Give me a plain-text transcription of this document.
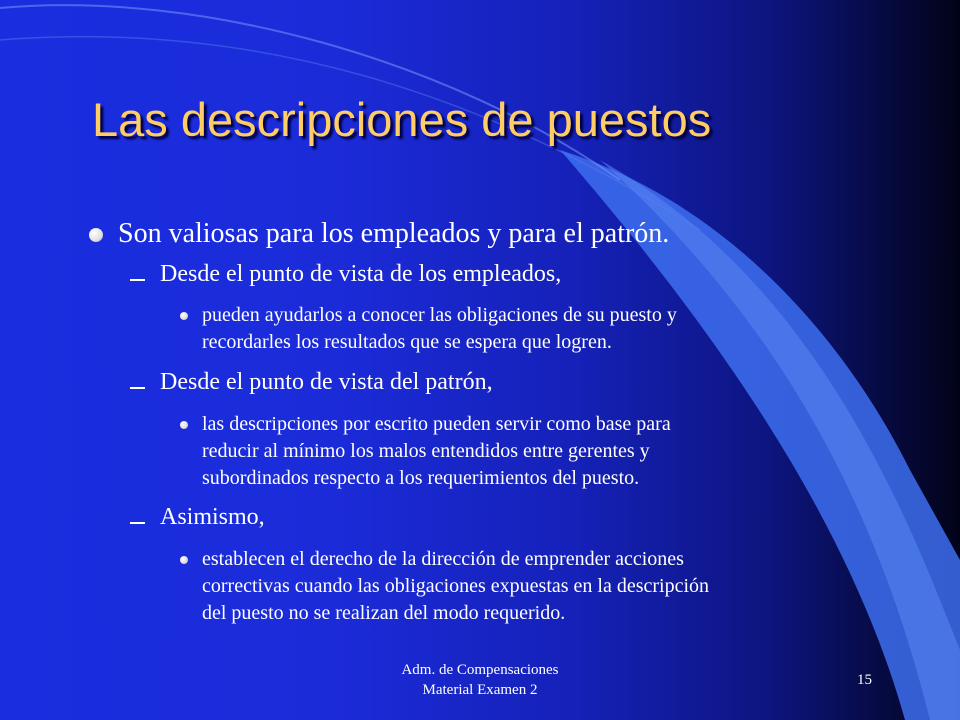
Las descripciones de puestos
Son valiosas para los empleados y para el patrón.
Desde el punto de vista de los empleados,
pueden ayudarlos a conocer las obligaciones de su puesto y
recordarles los resultados que se espera que logren.
Desde el punto de vista del patrón,
las descripciones por escrito pueden servir como base para
reducir al mínimo los malos entendidos entre gerentes y
subordinados respecto a los requerimientos del puesto.
Asimismo,
establecen el derecho de la dirección de emprender acciones
correctivas cuando las obligaciones expuestas en la descripción
del puesto no se realizan del modo requerido.
Adm. de Compensaciones
Material Examen 2
15
